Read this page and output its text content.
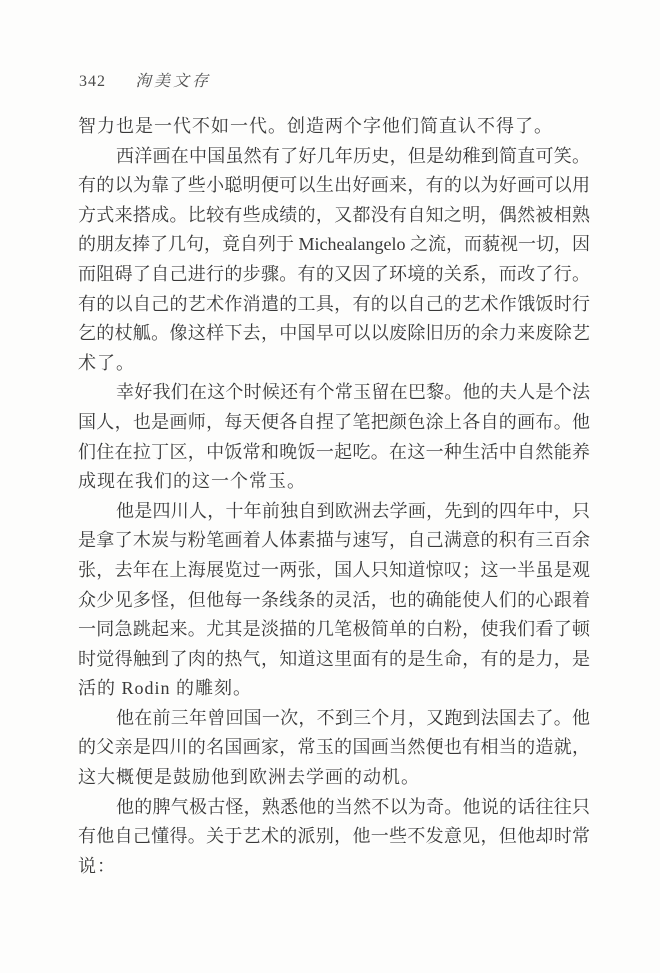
342 洵美文存
智力也是一代不如一代。创造两个字他们简直认不得了。
西洋画在中国虽然有了好几年历史，但是幼稚到简直可笑。
有的以为靠了些小聪明便可以生出好画来，有的以为好画可以用
方式来搭成。比较有些成绩的，又都没有自知之明，偶然被相熟
的朋友捧了几句，竟自列于 Michealangelo 之流，而藐视一切，因
而阻碍了自己进行的步骤。有的又因了环境的关系，而改了行。
有的以自己的艺术作消遣的工具，有的以自己的艺术作饿饭时行
乞的杖觚。像这样下去，中国早可以以废除旧历的余力来废除艺
术了。
幸好我们在这个时候还有个常玉留在巴黎。他的夫人是个法
国人，也是画师，每天便各自捏了笔把颜色涂上各自的画布。他
们住在拉丁区，中饭常和晚饭一起吃。在这一种生活中自然能养
成现在我们的这一个常玉。
他是四川人，十年前独自到欧洲去学画，先到的四年中，只
是拿了木炭与粉笔画着人体素描与速写，自己满意的积有三百余
张，去年在上海展览过一两张，国人只知道惊叹；这一半虽是观
众少见多怪，但他每一条线条的灵活，也的确能使人们的心跟着
一同急跳起来。尤其是淡描的几笔极简单的白粉，使我们看了顿
时觉得触到了肉的热气，知道这里面有的是生命，有的是力，是
活的 Rodin 的雕刻。
他在前三年曾回国一次，不到三个月，又跑到法国去了。他
的父亲是四川的名国画家，常玉的国画当然便也有相当的造就，
这大概便是鼓励他到欧洲去学画的动机。
他的脾气极古怪，熟悉他的当然不以为奇。他说的话往往只
有他自己懂得。关于艺术的派别，他一些不发意见，但他却时常
说：
